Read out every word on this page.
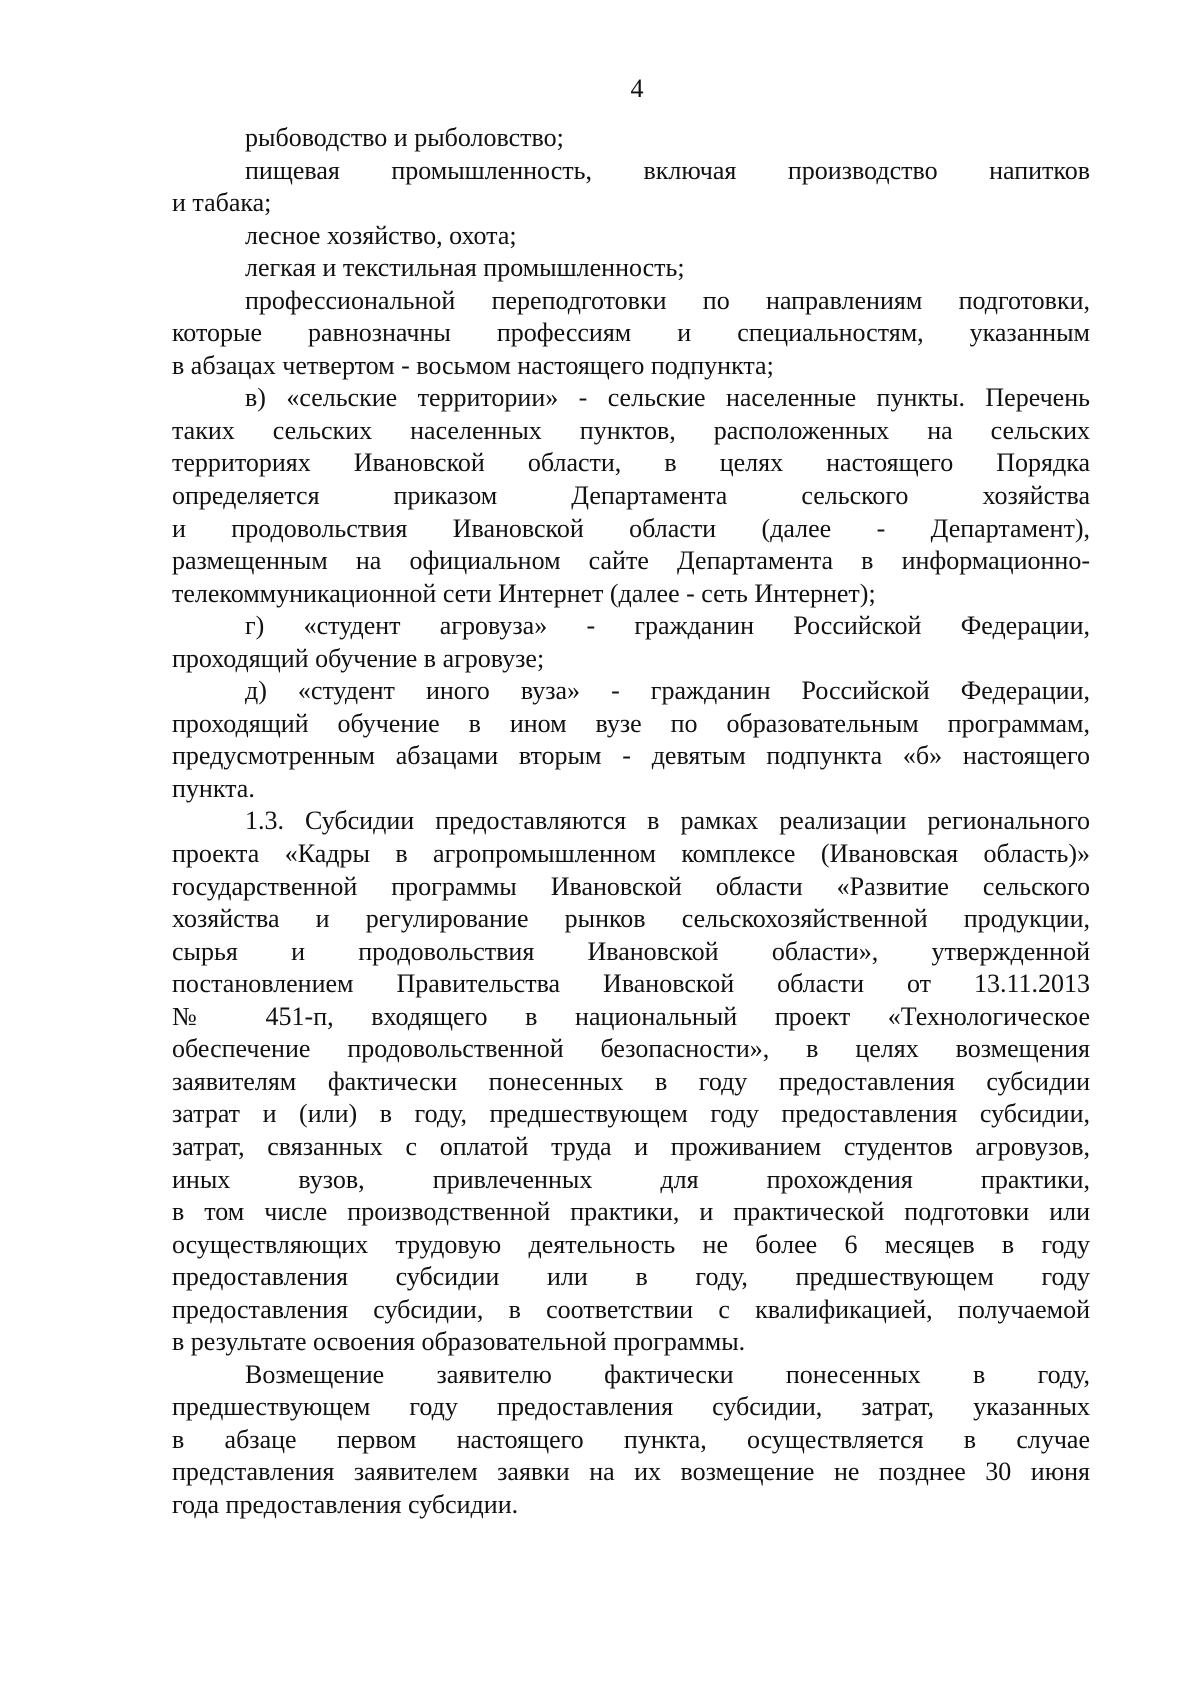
4
рыбоводство и рыболовство;
пищевая промышленность, включая производство напитков
и табака;
лесное хозяйство, охота;
легкая и текстильная промышленность;
профессиональной переподготовки по направлениям подготовки,
которые равнозначны профессиям и специальностям, указанным
в абзацах четвертом - восьмом настоящего подпункта;
в) «сельские территории» - сельские населенные пункты. Перечень
таких сельских населенных пунктов, расположенных на сельских
территориях Ивановской области, в целях настоящего Порядка
определяется приказом Департамента сельского хозяйства
и продовольствия Ивановской области (далее - Департамент),
размещенным на официальном сайте Департамента в информационно-
телекоммуникационной сети Интернет (далее - сеть Интернет);
г) «студент агровуза» - гражданин Российской Федерации,
проходящий обучение в агровузе;
д) «студент иного вуза» - гражданин Российской Федерации,
проходящий обучение в ином вузе по образовательным программам,
предусмотренным абзацами вторым - девятым подпункта «б» настоящего
пункта.
1.3. Субсидии предоставляются в рамках реализации регионального
проекта «Кадры в агропромышленном комплексе (Ивановская область)»
государственной программы Ивановской области «Развитие сельского
хозяйства и регулирование рынков сельскохозяйственной продукции,
сырья и продовольствия Ивановской области», утвержденной
постановлением Правительства Ивановской области от 13.11.2013
№ 451-п, входящего в национальный проект «Технологическое
обеспечение продовольственной безопасности», в целях возмещения
заявителям фактически понесенных в году предоставления субсидии
затрат и (или) в году, предшествующем году предоставления субсидии,
затрат, связанных с оплатой труда и проживанием студентов агровузов,
иных вузов, привлеченных для прохождения практики,
в том числе производственной практики, и практической подготовки или
осуществляющих трудовую деятельность не более 6 месяцев в году
предоставления субсидии или в году, предшествующем году
предоставления субсидии, в соответствии с квалификацией, получаемой
в результате освоения образовательной программы.
Возмещение заявителю фактически понесенных в году,
предшествующем году предоставления субсидии, затрат, указанных
в абзаце первом настоящего пункта, осуществляется в случае
представления заявителем заявки на их возмещение не позднее 30 июня
года предоставления субсидии.
